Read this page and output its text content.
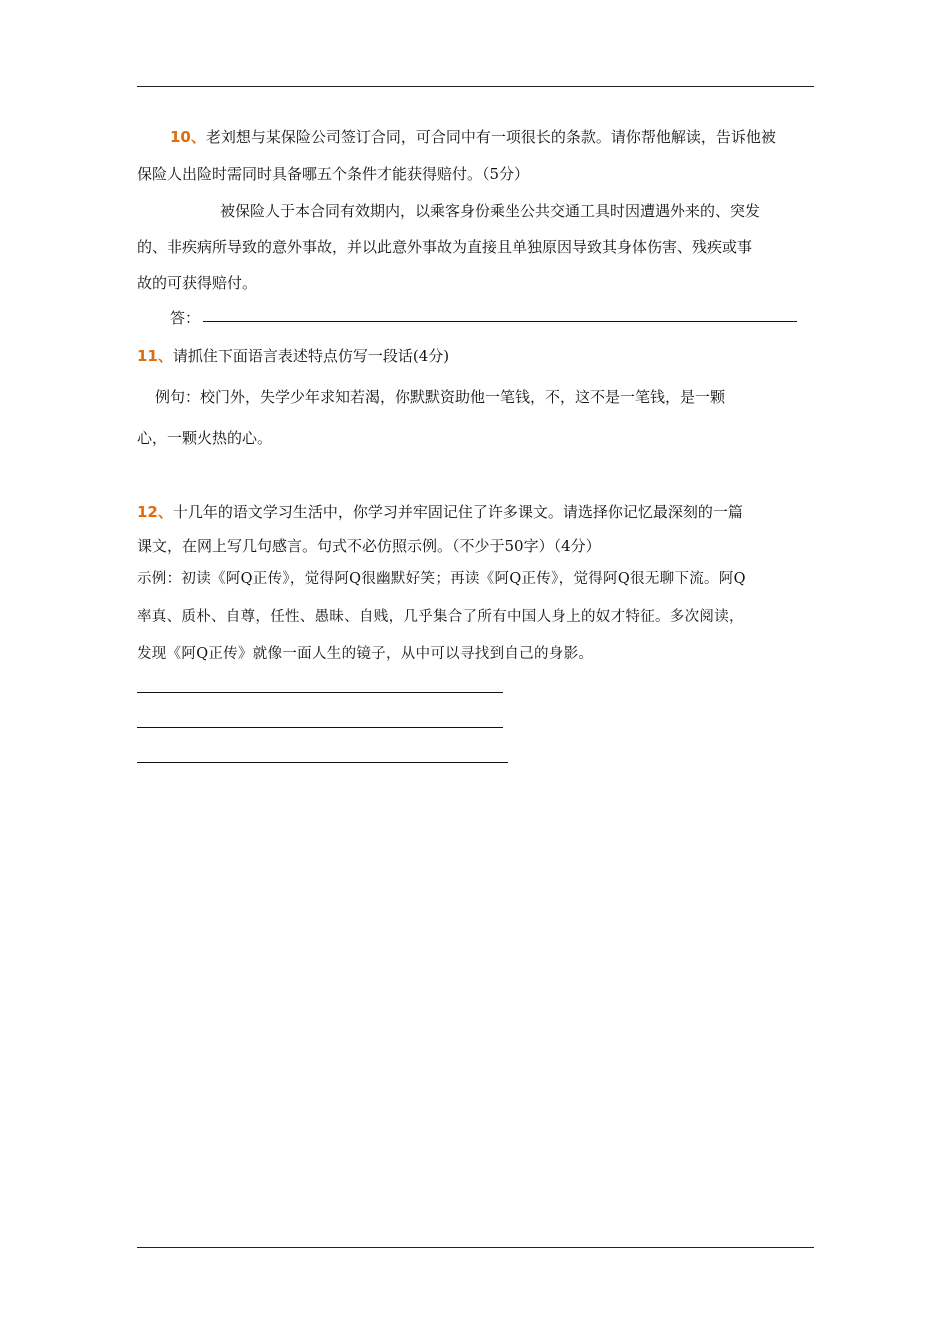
10、老刘想与某保险公司签订合同，可合同中有一项很长的条款。请你帮他解读，告诉他被
保险人出险时需同时具备哪五个条件才能获得赔付。（5分）
被保险人于本合同有效期内，以乘客身份乘坐公共交通工具时因遭遇外来的、突发
的、非疾病所导致的意外事故，并以此意外事故为直接且单独原因导致其身体伤害、残疾或事
故的可获得赔付。
答：
11、请抓住下面语言表述特点仿写一段话(4分)
例句：校门外，失学少年求知若渴，你默默资助他一笔钱，不，这不是一笔钱，是一颗
心，一颗火热的心。
12、十几年的语文学习生活中，你学习并牢固记住了许多课文。请选择你记忆最深刻的一篇
课文，在网上写几句感言。句式不必仿照示例。（不少于50字）（4分）
示例：初读《阿Q正传》，觉得阿Q很幽默好笑；再读《阿Q正传》，觉得阿Q很无聊下流。阿Q
率真、质朴、自尊，任性、愚昧、自贱，几乎集合了所有中国人身上的奴才特征。多次阅读，
发现《阿Q正传》就像一面人生的镜子，从中可以寻找到自己的身影。
